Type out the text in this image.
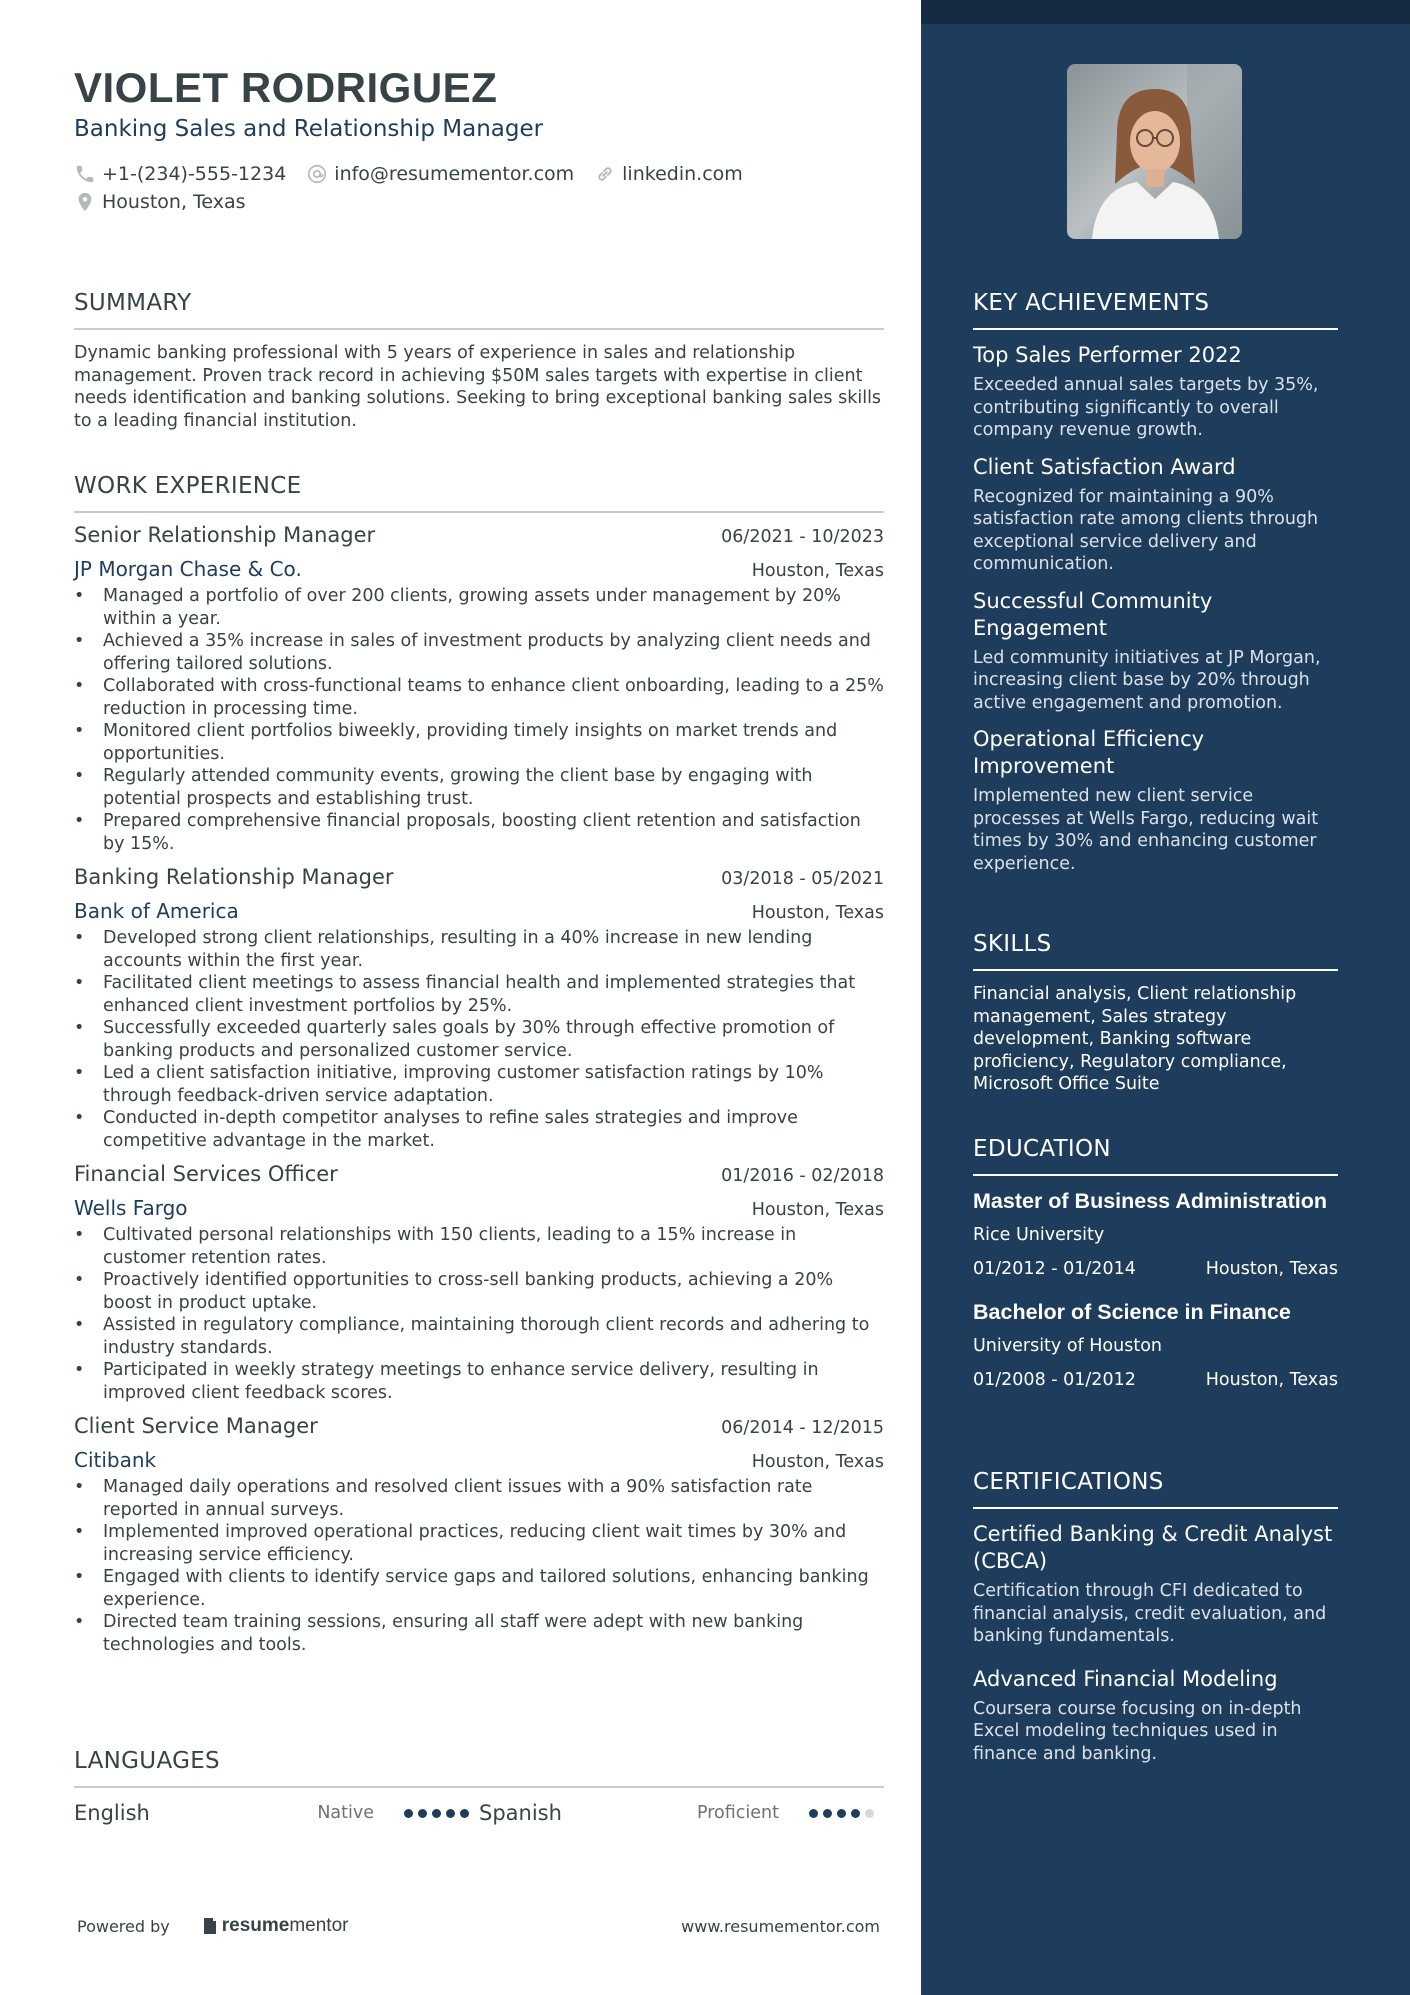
VIOLET RODRIGUEZ
Banking Sales and Relationship Manager
+1-(234)-555-1234	info@resumementor.com	linkedin.com
Houston, Texas
SUMMARY
Dynamic banking professional with 5 years of experience in sales and relationship management. Proven track record in achieving $50M sales targets with expertise in client needs identification and banking solutions. Seeking to bring exceptional banking sales skills to a leading financial institution.
WORK EXPERIENCE
Senior Relationship Manager	06/2021 - 10/2023
JP Morgan Chase & Co.	Houston, Texas
• Managed a portfolio of over 200 clients, growing assets under management by 20% within a year.
• Achieved a 35% increase in sales of investment products by analyzing client needs and offering tailored solutions.
• Collaborated with cross-functional teams to enhance client onboarding, leading to a 25% reduction in processing time.
• Monitored client portfolios biweekly, providing timely insights on market trends and opportunities.
• Regularly attended community events, growing the client base by engaging with potential prospects and establishing trust.
• Prepared comprehensive financial proposals, boosting client retention and satisfaction by 15%.
Banking Relationship Manager	03/2018 - 05/2021
Bank of America	Houston, Texas
• Developed strong client relationships, resulting in a 40% increase in new lending accounts within the first year.
• Facilitated client meetings to assess financial health and implemented strategies that enhanced client investment portfolios by 25%.
• Successfully exceeded quarterly sales goals by 30% through effective promotion of banking products and personalized customer service.
• Led a client satisfaction initiative, improving customer satisfaction ratings by 10% through feedback-driven service adaptation.
• Conducted in-depth competitor analyses to refine sales strategies and improve competitive advantage in the market.
Financial Services Officer	01/2016 - 02/2018
Wells Fargo	Houston, Texas
• Cultivated personal relationships with 150 clients, leading to a 15% increase in customer retention rates.
• Proactively identified opportunities to cross-sell banking products, achieving a 20% boost in product uptake.
• Assisted in regulatory compliance, maintaining thorough client records and adhering to industry standards.
• Participated in weekly strategy meetings to enhance service delivery, resulting in improved client feedback scores.
Client Service Manager	06/2014 - 12/2015
Citibank	Houston, Texas
• Managed daily operations and resolved client issues with a 90% satisfaction rate reported in annual surveys.
• Implemented improved operational practices, reducing client wait times by 30% and increasing service efficiency.
• Engaged with clients to identify service gaps and tailored solutions, enhancing banking experience.
• Directed team training sessions, ensuring all staff were adept with new banking technologies and tools.
LANGUAGES
English	Native	Spanish	Proficient
Powered by	resume mentor	www.resumementor.com
KEY ACHIEVEMENTS
Top Sales Performer 2022
Exceeded annual sales targets by 35%, contributing significantly to overall company revenue growth.
Client Satisfaction Award
Recognized for maintaining a 90% satisfaction rate among clients through exceptional service delivery and communication.
Successful Community Engagement
Led community initiatives at JP Morgan, increasing client base by 20% through active engagement and promotion.
Operational Efficiency Improvement
Implemented new client service processes at Wells Fargo, reducing wait times by 30% and enhancing customer experience.
SKILLS
Financial analysis, Client relationship management, Sales strategy development, Banking software proficiency, Regulatory compliance, Microsoft Office Suite
EDUCATION
Master of Business Administration
Rice University
01/2012 - 01/2014	Houston, Texas
Bachelor of Science in Finance
University of Houston
01/2008 - 01/2012	Houston, Texas
CERTIFICATIONS
Certified Banking & Credit Analyst (CBCA)
Certification through CFI dedicated to financial analysis, credit evaluation, and banking fundamentals.
Advanced Financial Modeling
Coursera course focusing on in-depth Excel modeling techniques used in finance and banking.
